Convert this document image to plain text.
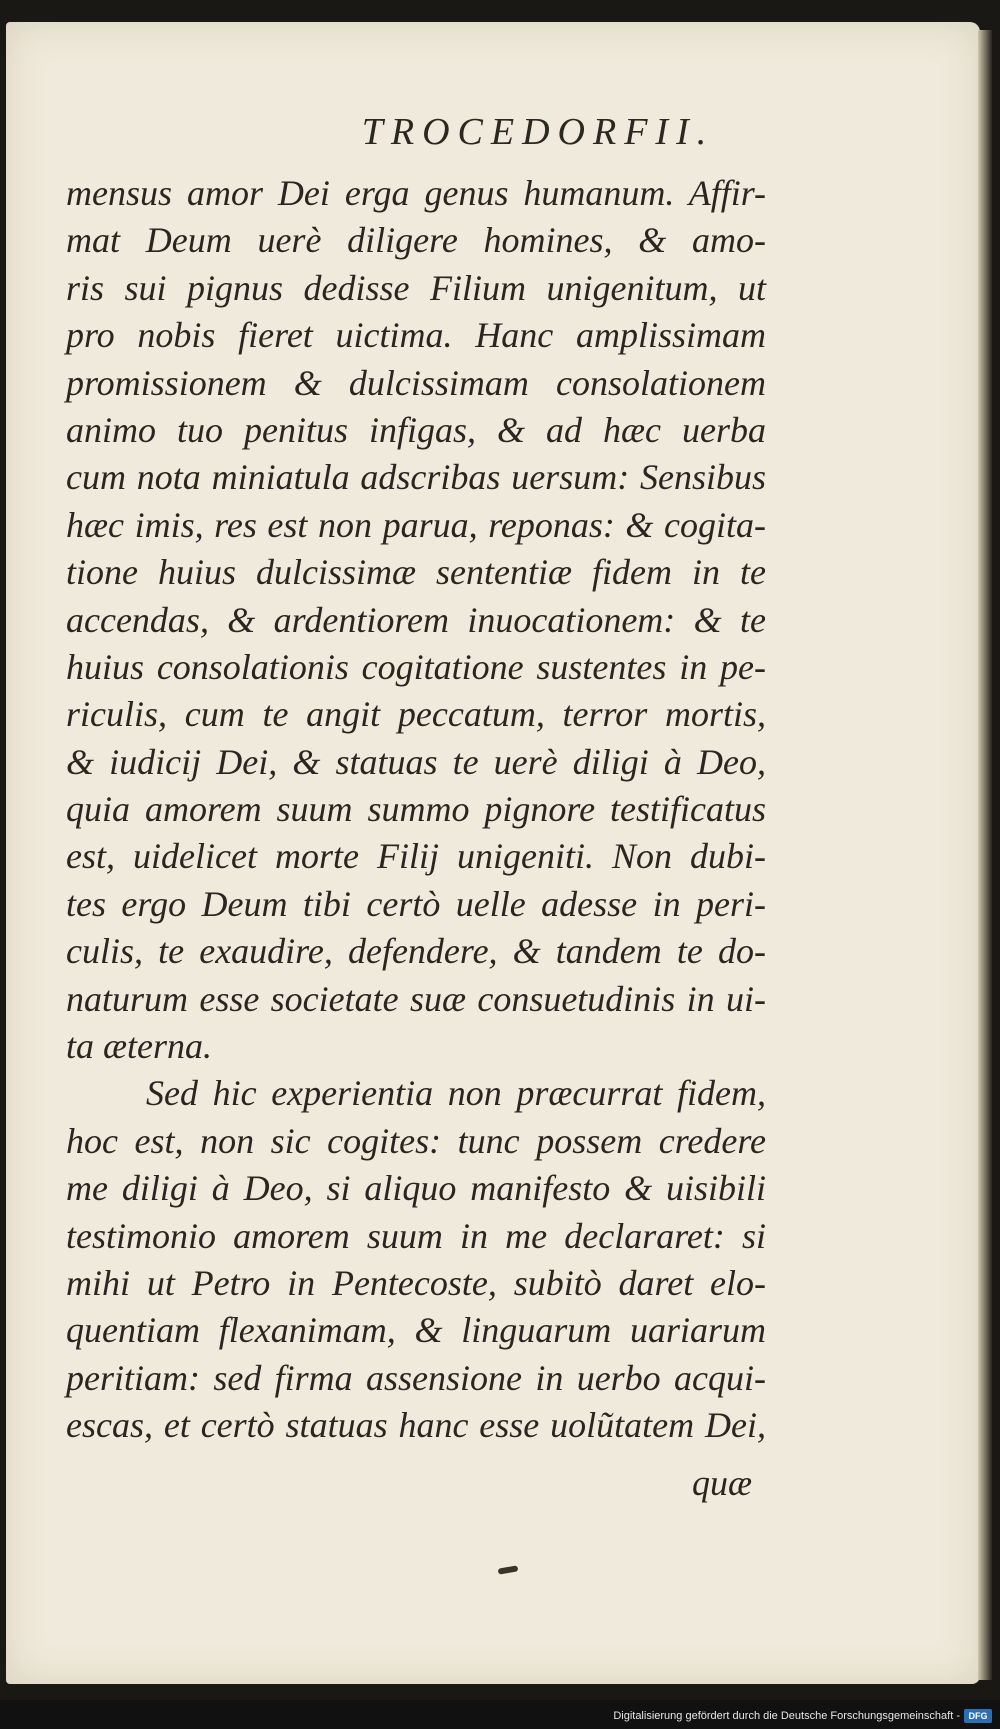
TROCEDORFII.
mensus amor Dei erga genus humanum. Affir-
mat Deum uerè diligere homines, & amo-
ris sui pignus dedisse Filium unigenitum, ut
pro nobis fieret uictima. Hanc amplissimam
promissionem & dulcissimam consolationem
animo tuo penitus infigas, & ad hæc uerba
cum nota miniatula adscribas uersum: Sensibus
hæc imis, res est non parua, reponas: & cogita-
tione huius dulcissimæ sententiæ fidem in te
accendas, & ardentiorem inuocationem: & te
huius consolationis cogitatione sustentes in pe-
riculis, cum te angit peccatum, terror mortis,
& iudicij Dei, & statuas te uerè diligi à Deo,
quia amorem suum summo pignore testificatus
est, uidelicet morte Filij unigeniti. Non dubi-
tes ergo Deum tibi certò uelle adesse in peri-
culis, te exaudire, defendere, & tandem te do-
naturum esse societate suæ consuetudinis in ui-
ta æterna.
Sed hic experientia non præcurrat fidem,
hoc est, non sic cogites: tunc possem credere
me diligi à Deo, si aliquo manifesto & uisibili
testimonio amorem suum in me declararet: si
mihi ut Petro in Pentecoste, subitò daret elo-
quentiam flexanimam, & linguarum uariarum
peritiam: sed firma assensione in uerbo acqui-
escas, et certò statuas hanc esse uolũtatem Dei,
quæ
Digitalisierung gefördert durch die Deutsche Forschungsgemeinschaft - DFG
